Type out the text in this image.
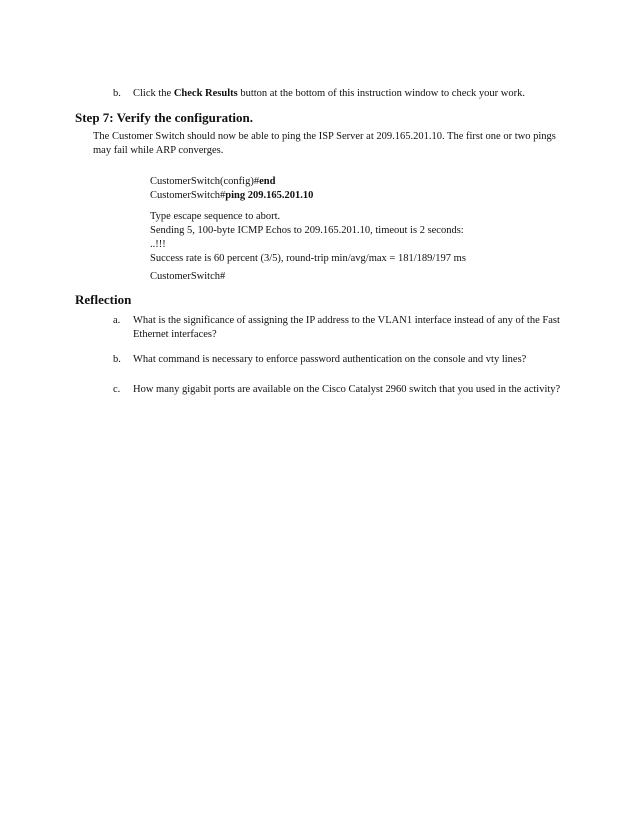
b.	Click the Check Results button at the bottom of this instruction window to check your work.
Step 7: Verify the configuration.
The Customer Switch should now be able to ping the ISP Server at 209.165.201.10. The first one or two pings
may fail while ARP converges.
CustomerSwitch(config)#end
CustomerSwitch#ping 209.165.201.10
Type escape sequence to abort.
Sending 5, 100-byte ICMP Echos to 209.165.201.10, timeout is 2 seconds:
..!!!
Success rate is 60 percent (3/5), round-trip min/avg/max = 181/189/197 ms
CustomerSwitch#
Reflection
a.	What is the significance of assigning the IP address to the VLAN1 interface instead of any of the Fast
Ethernet interfaces?
b.	What command is necessary to enforce password authentication on the console and vty lines?
c.	How many gigabit ports are available on the Cisco Catalyst 2960 switch that you used in the activity?
